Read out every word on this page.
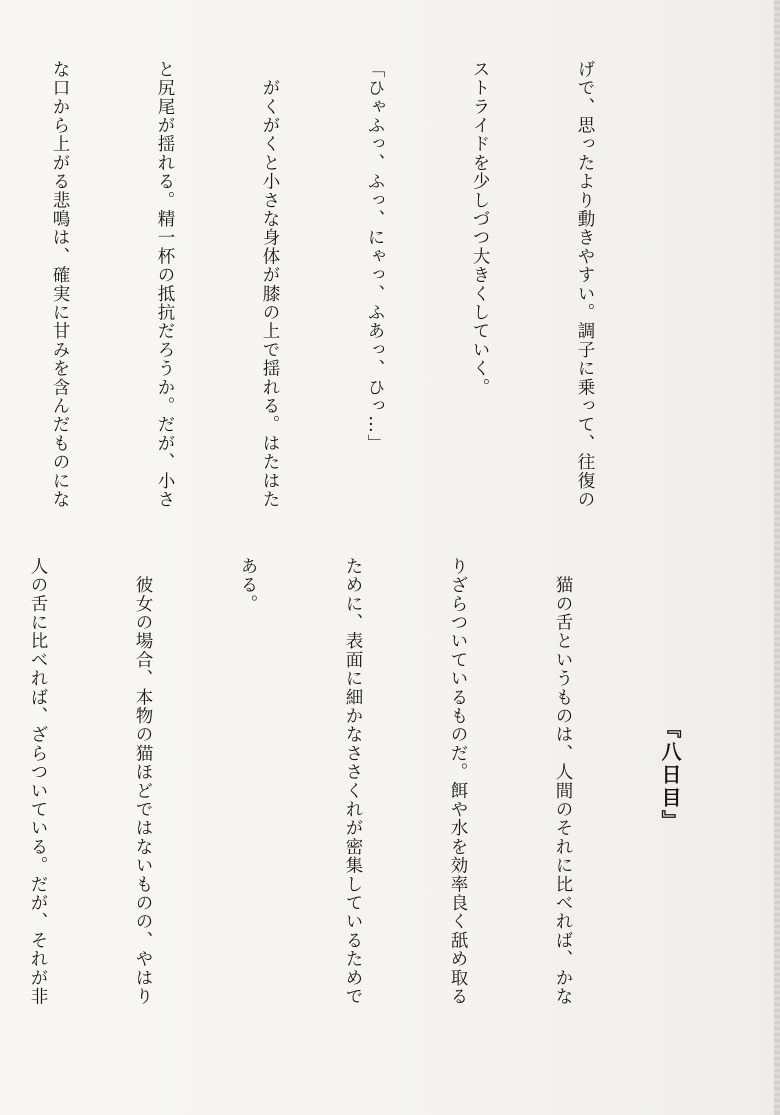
げで、思ったより動きやすい。調子に乗って、往復の

ストライドを少しづつ大きくしていく。

「ひゃふっ、ふっ、にゃっ、ふあっ、ひっ…」

　がくがくと小さな身体が膝の上で揺れる。はたはた

と尻尾が揺れる。精一杯の抵抗だろうか。だが、小さ

な口から上がる悲鳴は、確実に甘みを含んだものにな

『八日目』

　猫の舌というものは、人間のそれに比べれば、かな

りざらついているものだ。餌や水を効率良く舐め取る

ために、表面に細かなささくれが密集しているためで

ある。

　彼女の場合、本物の猫ほどではないものの、やはり

人の舌に比べれば、ざらついている。だが、それが非
